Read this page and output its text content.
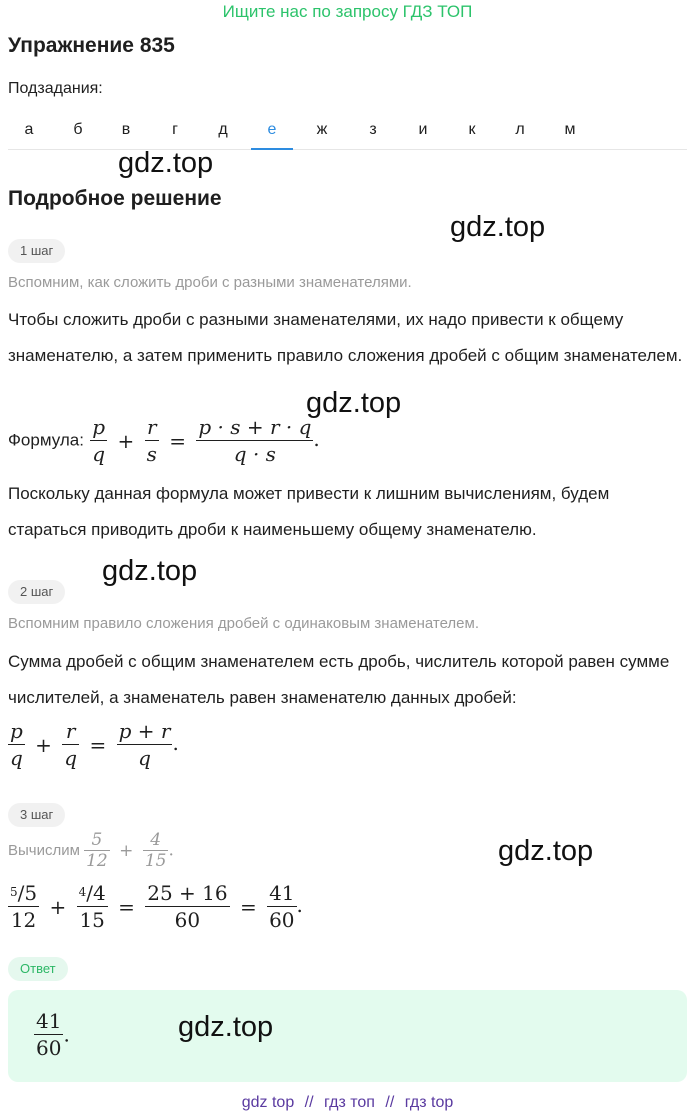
Ищите нас по запросу ГДЗ ТОП
Упражнение 835
Подзадания:
а	б	в	г	д	е	ж	з	и	к	л	м
Подробное решение
1 шаг
Вспомним, как сложить дроби с разными знаменателями.
Чтобы сложить дроби с разными знаменателями, их надо привести к общему знаменателю, а затем применить правило сложения дробей с общим знаменателем.
Формула: $\frac{p}{q} + \frac{r}{s} = \frac{p \cdot s + r \cdot q}{q \cdot s}$ .
Поскольку данная формула может привести к лишним вычислениям, будем стараться приводить дроби к наименьшему общему знаменателю.
2 шаг
Вспомним правило сложения дробей с одинаковым знаменателем.
Сумма дробей с общим знаменателем есть дробь, числитель которой равен сумме числителей, а знаменатель равен знаменателю данных дробей:
$\frac{p}{q} + \frac{r}{q} = \frac{p + r}{q}$ .
3 шаг
Вычислим $\frac{5}{12} + \frac{4}{15}$ .
$\frac{^5/5}{12} + \frac{^4/4}{15} = \frac{25 + 16}{60} = \frac{41}{60}$ .
Ответ
$\frac{41}{60}$ .
gdz.top
gdz.top
gdz.top
gdz.top
gdz.top
gdz.top
gdz top // гдз топ // гдз top
